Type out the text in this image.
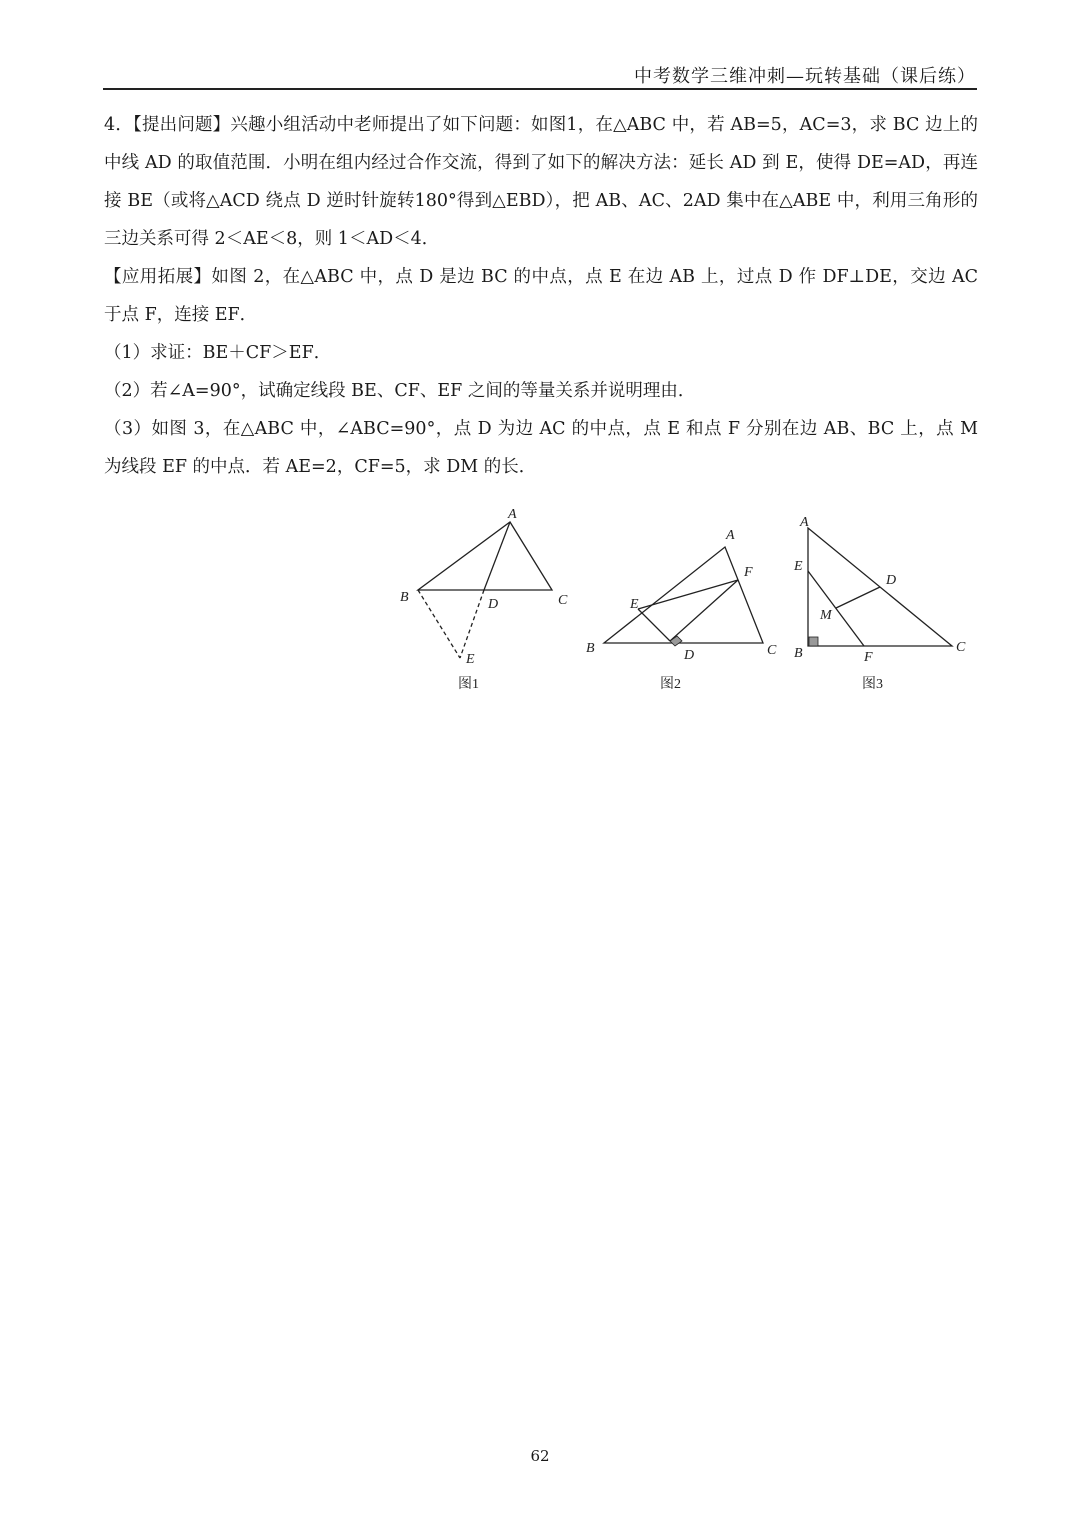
中考数学三维冲刺—玩转基础（课后练）

4．【提出问题】兴趣小组活动中老师提出了如下问题：如图1，在△ABC 中，若 AB=5，AC=3，求 BC 边上的中线 AD 的取值范围．小明在组内经过合作交流，得到了如下的解决方法：延长 AD 到 E，使得 DE=AD，再连接 BE（或将△ACD 绕点 D 逆时针旋转180°得到△EBD），把 AB、AC、2AD 集中在△ABE 中，利用三角形的三边关系可得 2＜AE＜8，则 1＜AD＜4．

【应用拓展】如图 2，在△ABC 中，点 D 是边 BC 的中点，点 E 在边 AB 上，过点 D 作 DF⊥DE，交边 AC 于点 F，连接 EF．

（1）求证：BE＋CF＞EF．

（2）若∠A=90°，试确定线段 BE、CF、EF 之间的等量关系并说明理由．

（3）如图 3，在△ABC 中，∠ABC=90°，点 D 为边 AC 的中点，点 E 和点 F 分别在边 AB、BC 上，点 M 为线段 EF 的中点．若 AE=2，CF=5，求 DM 的长．

A
B	C
D
E
图1
A
B	C
D
E
F
图2
A
B	C
D
E
F
M
图3
62
